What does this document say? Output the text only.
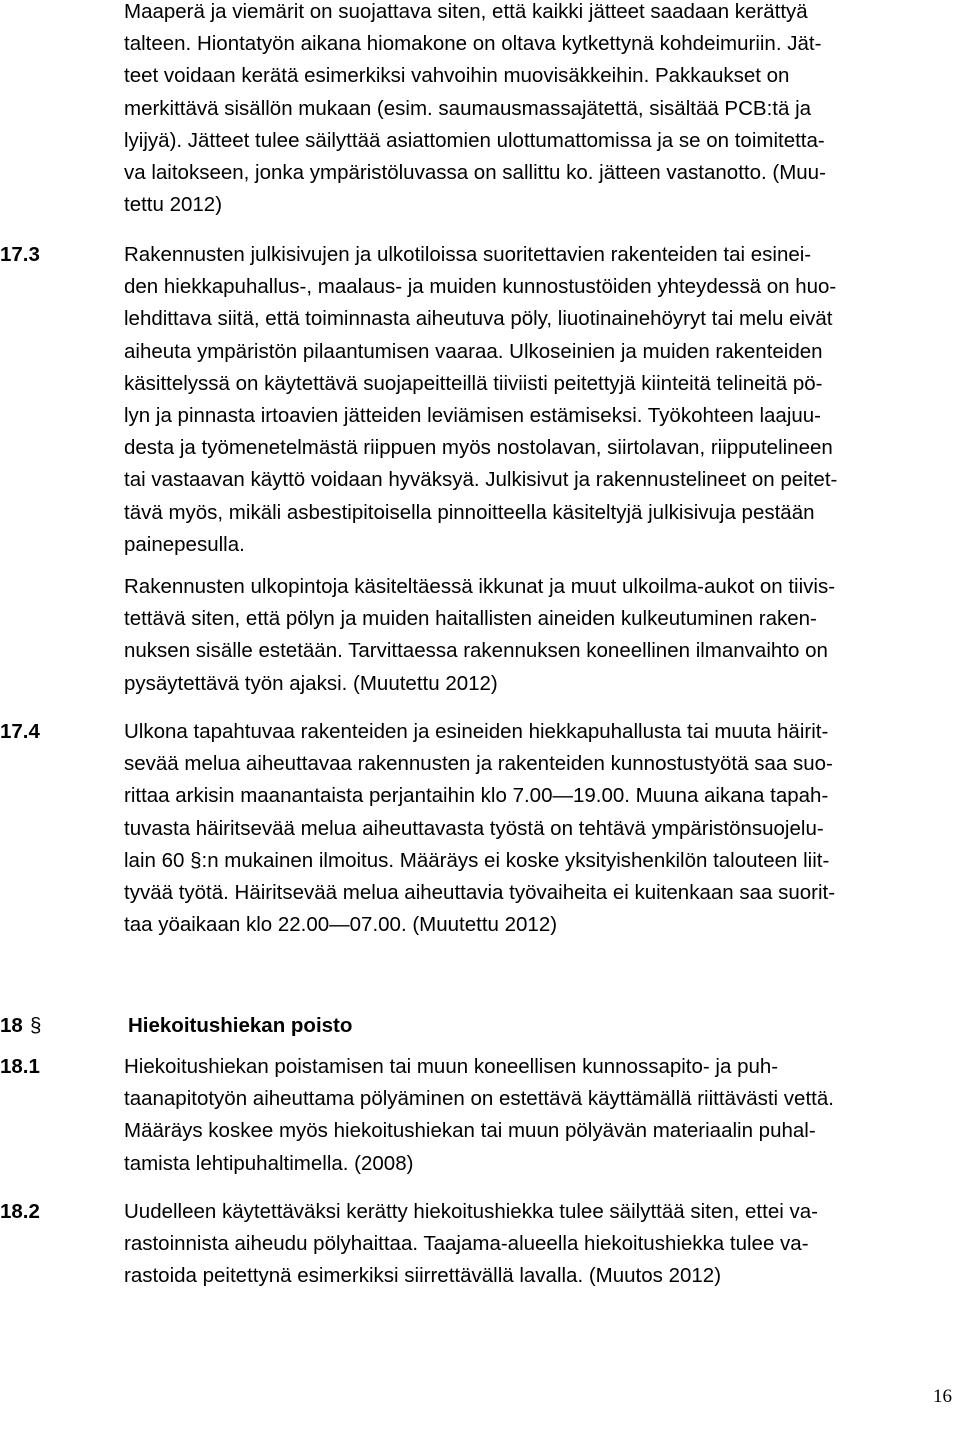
Maaperä ja viemärit on suojattava siten, että kaikki jätteet saadaan kerättyä
talteen. Hiontatyön aikana hiomakone on oltava kytkettynä kohdeimuriin. Jät-
teet voidaan kerätä esimerkiksi vahvoihin muovisäkkeihin. Pakkaukset on
merkittävä sisällön mukaan (esim. saumausmassajätettä, sisältää PCB:tä ja
lyijyä). Jätteet tulee säilyttää asiattomien ulottumattomissa ja se on toimitetta-
va laitokseen, jonka ympäristöluvassa on sallittu ko. jätteen vastanotto. (Muu-
tettu 2012)
17.3	Rakennusten julkisivujen ja ulkotiloissa suoritettavien rakenteiden tai esinei-
den hiekkapuhallus-, maalaus- ja muiden kunnostustöiden yhteydessä on huo-
lehdittava siitä, että toiminnasta aiheutuva pöly, liuotinainehöyryt tai melu eivät
aiheuta ympäristön pilaantumisen vaaraa. Ulkoseinien ja muiden rakenteiden
käsittelyssä on käytettävä suojapeitteillä tiiviisti peitettyjä kiinteitä telineitä pö-
lyn ja pinnasta irtoavien jätteiden leviämisen estämiseksi. Työkohteen laajuu-
desta ja työmenetelmästä riippuen myös nostolavan, siirtolavan, riipputelineen
tai vastaavan käyttö voidaan hyväksyä. Julkisivut ja rakennustelineet on peitet-
tävä myös, mikäli asbestipitoisella pinnoitteella käsiteltyjä julkisivuja pestään
painepesulla.
Rakennusten ulkopintoja käsiteltäessä ikkunat ja muut ulkoilma-aukot on tiivis-
tettävä siten, että pölyn ja muiden haitallisten aineiden kulkeutuminen raken-
nuksen sisälle estetään. Tarvittaessa rakennuksen koneellinen ilmanvaihto on
pysäytettävä työn ajaksi. (Muutettu 2012)
17.4	Ulkona tapahtuvaa rakenteiden ja esineiden hiekkapuhallusta tai muuta häirit-
sevää melua aiheuttavaa rakennusten ja rakenteiden kunnostustyötä saa suo-
rittaa arkisin maanantaista perjantaihin klo 7.00—19.00. Muuna aikana tapah-
tuvasta häiritsevää melua aiheuttavasta työstä on tehtävä ympäristönsuojelu-
lain 60 §:n mukainen ilmoitus. Määräys ei koske yksityishenkilön talouteen liit-
tyvää työtä. Häiritsevää melua aiheuttavia työvaiheita ei kuitenkaan saa suorit-
taa yöaikaan klo 22.00—07.00. (Muutettu 2012)
18 §	Hiekoitushiekan poisto
18.1	Hiekoitushiekan poistamisen tai muun koneellisen kunnossapito- ja puh-
taanapitotyön aiheuttama pölyäminen on estettävä käyttämällä riittävästi vettä.
Määräys koskee myös hiekoitushiekan tai muun pölyävän materiaalin puhal-
tamista lehtipuhaltimella. (2008)
18.2	Uudelleen käytettäväksi kerätty hiekoitushiekka tulee säilyttää siten, ettei va-
rastoinnista aiheudu pölyhaittaa. Taajama-alueella hiekoitushiekka tulee va-
rastoida peitettynä esimerkiksi siirrettävällä lavalla. (Muutos 2012)
16
